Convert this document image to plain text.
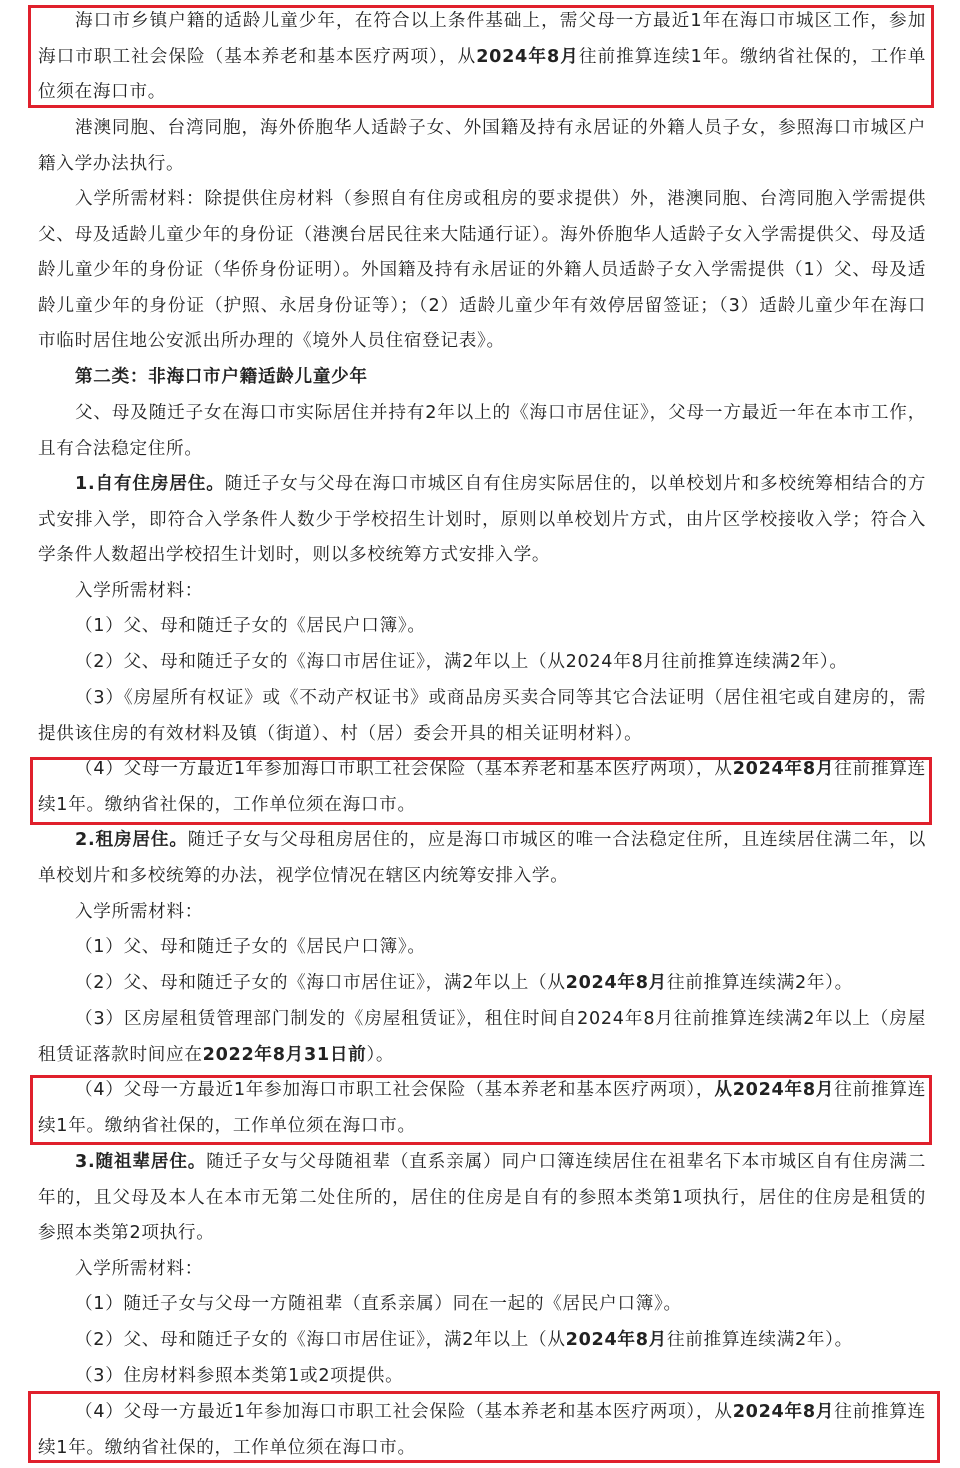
海口市乡镇户籍的适龄儿童少年，在符合以上条件基础上，需父母一方最近1年在海口市城区工作，参加海口市职工社会保险（基本养老和基本医疗两项），从2024年8月往前推算连续1年。缴纳省社保的，工作单位须在海口市。

港澳同胞、台湾同胞，海外侨胞华人适龄子女、外国籍及持有永居证的外籍人员子女，参照海口市城区户籍入学办法执行。

入学所需材料：除提供住房材料（参照自有住房或租房的要求提供）外，港澳同胞、台湾同胞入学需提供父、母及适龄儿童少年的身份证（港澳台居民往来大陆通行证）。海外侨胞华人适龄子女入学需提供父、母及适龄儿童少年的身份证（华侨身份证明）。外国籍及持有永居证的外籍人员适龄子女入学需提供（1）父、母及适龄儿童少年的身份证（护照、永居身份证等）；（2）适龄儿童少年有效停居留签证；（3）适龄儿童少年在海口市临时居住地公安派出所办理的《境外人员住宿登记表》。

第二类：非海口市户籍适龄儿童少年

父、母及随迁子女在海口市实际居住并持有2年以上的《海口市居住证》，父母一方最近一年在本市工作，且有合法稳定住所。

1.自有住房居住。随迁子女与父母在海口市城区自有住房实际居住的，以单校划片和多校统筹相结合的方式安排入学，即符合入学条件人数少于学校招生计划时，原则以单校划片方式，由片区学校接收入学；符合入学条件人数超出学校招生计划时，则以多校统筹方式安排入学。

入学所需材料：

（1）父、母和随迁子女的《居民户口簿》。

（2）父、母和随迁子女的《海口市居住证》，满2年以上（从2024年8月往前推算连续满2年）。

（3）《房屋所有权证》或《不动产权证书》或商品房买卖合同等其它合法证明（居住祖宅或自建房的，需提供该住房的有效材料及镇（街道）、村（居）委会开具的相关证明材料）。

（4）父母一方最近1年参加海口市职工社会保险（基本养老和基本医疗两项），从2024年8月往前推算连续1年。缴纳省社保的，工作单位须在海口市。

2.租房居住。随迁子女与父母租房居住的，应是海口市城区的唯一合法稳定住所，且连续居住满二年，以单校划片和多校统筹的办法，视学位情况在辖区内统筹安排入学。

入学所需材料：

（1）父、母和随迁子女的《居民户口簿》。

（2）父、母和随迁子女的《海口市居住证》，满2年以上（从2024年8月往前推算连续满2年）。

（3）区房屋租赁管理部门制发的《房屋租赁证》，租住时间自2024年8月往前推算连续满2年以上（房屋租赁证落款时间应在2022年8月31日前）。

（4）父母一方最近1年参加海口市职工社会保险（基本养老和基本医疗两项），从2024年8月往前推算连续1年。缴纳省社保的，工作单位须在海口市。

3.随祖辈居住。随迁子女与父母随祖辈（直系亲属）同户口簿连续居住在祖辈名下本市城区自有住房满二年的，且父母及本人在本市无第二处住所的，居住的住房是自有的参照本类第1项执行，居住的住房是租赁的参照本类第2项执行。

入学所需材料：

（1）随迁子女与父母一方随祖辈（直系亲属）同在一起的《居民户口簿》。

（2）父、母和随迁子女的《海口市居住证》，满2年以上（从2024年8月往前推算连续满2年）。

（3）住房材料参照本类第1或2项提供。

（4）父母一方最近1年参加海口市职工社会保险（基本养老和基本医疗两项），从2024年8月往前推算连续1年。缴纳省社保的，工作单位须在海口市。
